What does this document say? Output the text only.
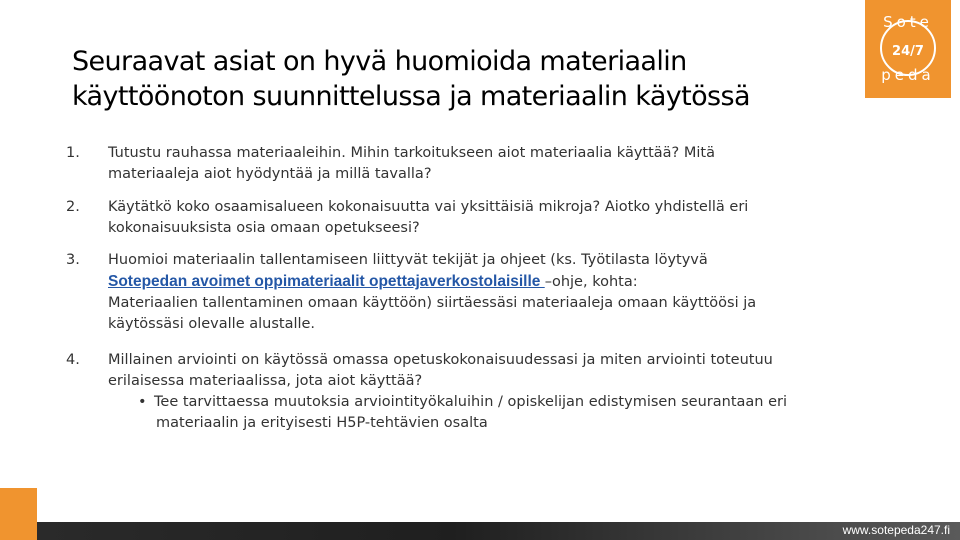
Seuraavat asiat on hyvä huomioida materiaalin
käyttöönoton suunnittelussa ja materiaalin käytössä
Sote
24/7
peda
1. Tutustu rauhassa materiaaleihin. Mihin tarkoitukseen aiot materiaalia käyttää? Mitä
materiaaleja aiot hyödyntää ja millä tavalla?
2. Käytätkö koko osaamisalueen kokonaisuutta vai yksittäisiä mikroja? Aiotko yhdistellä eri
kokonaisuuksista osia omaan opetukseesi?
3. Huomioi materiaalin tallentamiseen liittyvät tekijät ja ohjeet (ks. Työtilasta löytyvä
Sotepedan avoimet oppimateriaalit opettajaverkostolaisille –ohje, kohta:
Materiaalien tallentaminen omaan käyttöön) siirtäessäsi materiaaleja omaan käyttöösi ja
käytössäsi olevalle alustalle.
4. Millainen arviointi on käytössä omassa opetuskokonaisuudessasi ja miten arviointi toteutuu
erilaisessa materiaalissa, jota aiot käyttää?
• Tee tarvittaessa muutoksia arviointityökaluihin / opiskelijan edistymisen seurantaan eri
materiaalin ja erityisesti H5P-tehtävien osalta
www.sotepeda247.fi
